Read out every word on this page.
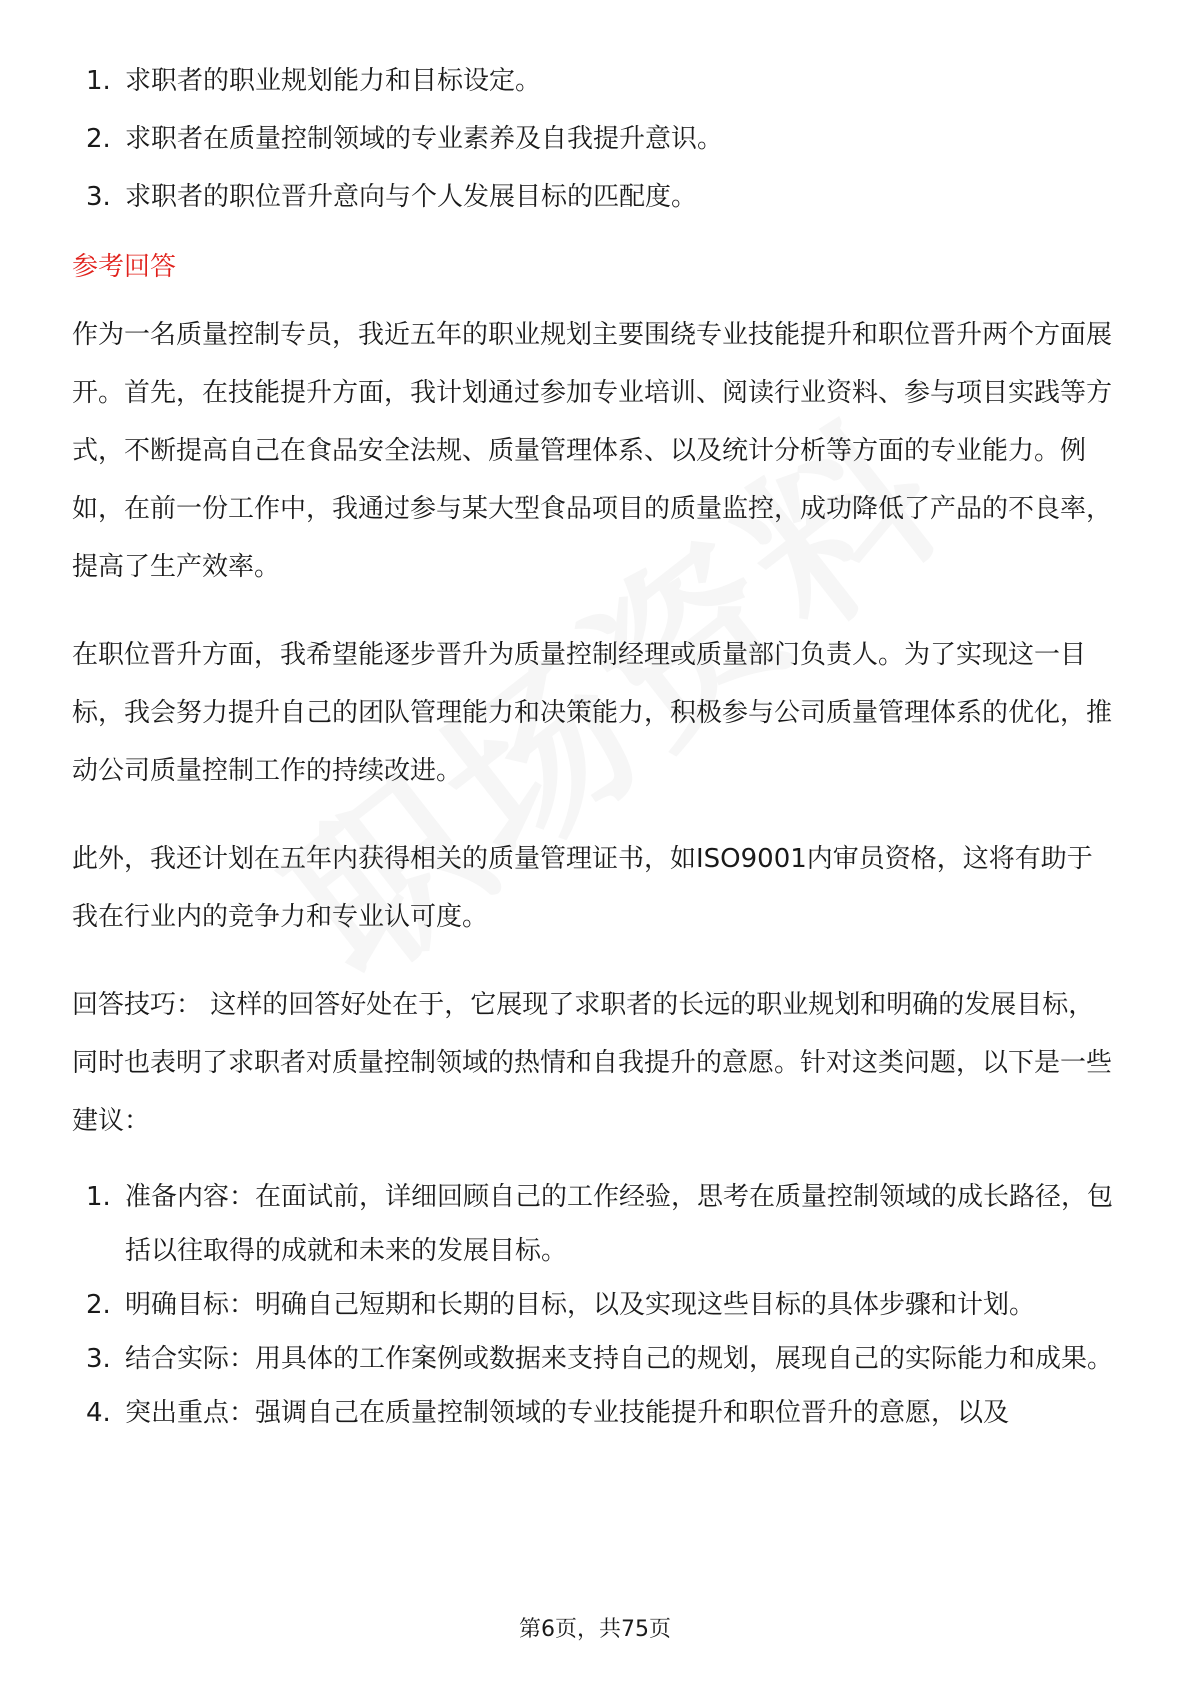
1. 求职者的职业规划能力和目标设定。
2. 求职者在质量控制领域的专业素养及自我提升意识。
3. 求职者的职位晋升意向与个人发展目标的匹配度。
参考回答

作为一名质量控制专员，我近五年的职业规划主要围绕专业技能提升和职位晋升两个方面展开。首先，在技能提升方面，我计划通过参加专业培训、阅读行业资料、参与项目实践等方式，不断提高自己在食品安全法规、质量管理体系、以及统计分析等方面的专业能力。例如，在前一份工作中，我通过参与某大型食品项目的质量监控，成功降低了产品的不良率，提高了生产效率。

在职位晋升方面，我希望能逐步晋升为质量控制经理或质量部门负责人。为了实现这一目标，我会努力提升自己的团队管理能力和决策能力，积极参与公司质量管理体系的优化，推动公司质量控制工作的持续改进。

此外，我还计划在五年内获得相关的质量管理证书，如ISO9001内审员资格，这将有助于我在行业内的竞争力和专业认可度。

回答技巧： 这样的回答好处在于，它展现了求职者的长远的职业规划和明确的发展目标，同时也表明了求职者对质量控制领域的热情和自我提升的意愿。针对这类问题，以下是一些建议：

1. 准备内容：在面试前，详细回顾自己的工作经验，思考在质量控制领域的成长路径，包括以往取得的成就和未来的发展目标。
2. 明确目标：明确自己短期和长期的目标，以及实现这些目标的具体步骤和计划。
3. 结合实际：用具体的工作案例或数据来支持自己的规划，展现自己的实际能力和成果。
4. 突出重点：强调自己在质量控制领域的专业技能提升和职位晋升的意愿，以及
第6页，共75页
